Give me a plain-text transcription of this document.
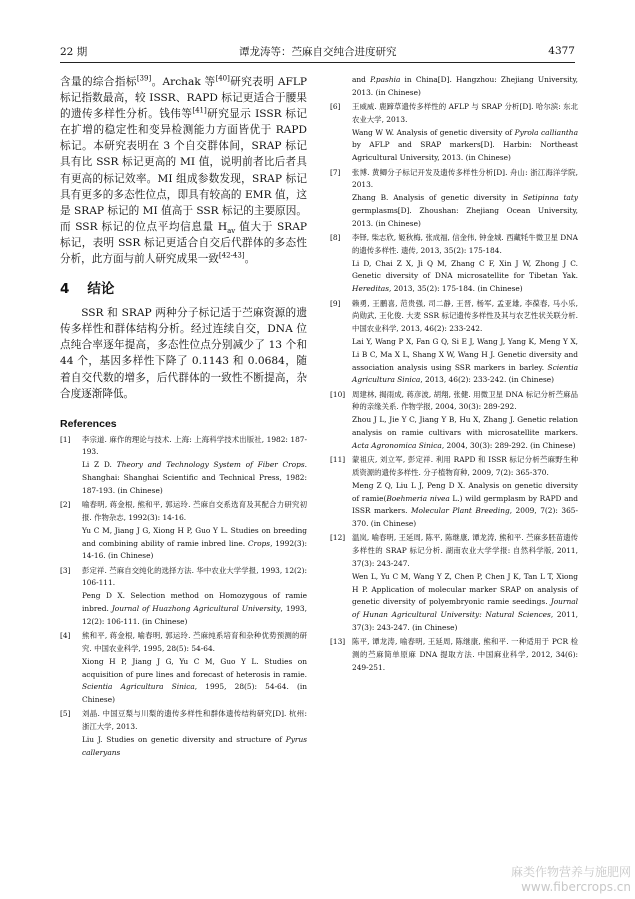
22 期	谭龙涛等：苎麻自交纯合进度研究	4377

含量的综合指标[39]。Archak 等[40]研究表明 AFLP 标记指数最高，较 ISSR、RAPD 标记更适合于腰果的遗传多样性分析。钱伟等[41]研究显示 ISSR 标记在扩增的稳定性和变异检测能力方面皆优于 RAPD 标记。本研究表明在 3 个自交群体间，SRAP 标记具有比 SSR 标记更高的 MI 值，说明前者比后者具有更高的标记效率。MI 组成参数发现，SRAP 标记具有更多的多态性位点，即具有较高的 EMR 值，这是 SRAP 标记的 MI 值高于 SSR 标记的主要原因。而 SSR 标记的位点平均信息量 $H_{av}$ 值大于 SRAP 标记，表明 SSR 标记更适合自交后代群体的多态性分析，此方面与前人研究成果一致[42-43]。

4 结论

SSR 和 SRAP 两种分子标记适于苎麻资源的遗传多样性和群体结构分析。经过连续自交，DNA 位点纯合率逐年提高，多态性位点分别减少了 13 个和 44 个，基因多样性下降了 0.1143 和 0.0684，随着自交代数的增多，后代群体的一致性不断提高，杂合度逐渐降低。

References
[1]	李宗道. 麻作的理论与技术. 上海: 上海科学技术出版社, 1982: 187-193.
Li Z D. Theory and Technology System of Fiber Crops. Shanghai: Shanghai Scientific and Technical Press, 1982: 187-193. (in Chinese)
[2]	喻春明, 蒋金根, 熊和平, 郭运玲. 苎麻自交系选育及其配合力研究初报. 作物杂志, 1992(3): 14-16.
Yu C M, Jiang J G, Xiong H P, Guo Y L. Studies on breeding and combining ability of ramie inbred line. Crops, 1992(3): 14-16. (in Chinese)
[3]	彭定祥. 苎麻自交纯化的选择方法. 华中农业大学学报, 1993, 12(2): 106-111.
Peng D X. Selection method on Homozygous of ramie inbred. Journal of Huazhong Agricultural University, 1993, 12(2): 106-111. (in Chinese)
[4]	熊和平, 蒋金根, 喻春明, 郭运玲. 苎麻纯系培育和杂种优势预测的研究. 中国农业科学, 1995, 28(5): 54-64.
Xiong H P, Jiang J G, Yu C M, Guo Y L. Studies on acquisition of pure lines and forecast of heterosis in ramie. Scientia Agricultura Sinica, 1995, 28(5): 54-64. (in Chinese)
[5]	刘晶. 中国豆梨与川梨的遗传多样性和群体遗传结构研究[D]. 杭州: 浙江大学, 2013.
Liu J. Studies on genetic diversity and structure of Pyrus calleryans
and P.pashia in China[D]. Hangzhou: Zhejiang University, 2013. (in Chinese)
[6]	王威威. 鹿蹄草遗传多样性的 AFLP 与 SRAP 分析[D]. 哈尔滨: 东北农业大学, 2013.
Wang W W. Analysis of genetic diversity of Pyrola calliantha by AFLP and SRAP markers[D]. Harbin: Northeast Agricultural University, 2013. (in Chinese)
[7]	张博. 黄鲫分子标记开发及遗传多样性分析[D]. 舟山: 浙江海洋学院, 2013.
Zhang B. Analysis of genetic diversity in Setipinna taty germplasms[D]. Zhoushan: Zhejiang Ocean University, 2013. (in Chinese)
[8]	李铎, 柴志欣, 姬秋梅, 张成福, 信金伟, 钟金城. 西藏牦牛微卫星 DNA 的遗传多样性. 遗传, 2013, 35(2): 175-184.
Li D, Chai Z X, Ji Q M, Zhang C F, Xin J W, Zhong J C. Genetic diversity of DNA microsatellite for Tibetan Yak. Hereditas, 2013, 35(2): 175-184. (in Chinese)
[9]	赖勇, 王鹏喜, 范贵强, 司二静, 王晋, 杨军, 孟亚雄, 李葆春, 马小乐, 尚勋武, 王化俊. 大麦 SSR 标记遗传多样性及其与农艺性状关联分析. 中国农业科学, 2013, 46(2): 233-242.
Lai Y, Wang P X, Fan G Q, Si E J, Wang J, Yang K, Meng Y X, Li B C, Ma X L, Shang X W, Wang H J. Genetic diversity and association analysis using SSR markers in barley. Scientia Agricultura Sinica, 2013, 46(2): 233-242. (in Chinese)
[10] 周建林, 揭雨成, 蒋彦波, 胡翔, 张健. 用微卫星 DNA 标记分析苎麻品种的亲缘关系. 作物学报, 2004, 30(3): 289-292.
Zhou J L, Jie Y C, Jiang Y B, Hu X, Zhang J. Genetic relation analysis on ramie cultivars with microsatellite markers. Acta Agronomica Sinica, 2004, 30(3): 289-292. (in Chinese)
[11] 蒙祖庆, 刘立军, 彭定祥. 利用 RAPD 和 ISSR 标记分析苎麻野生种质资源的遗传多样性. 分子植物育种, 2009, 7(2): 365-370.
Meng Z Q, Liu L J, Peng D X. Analysis on genetic diversity of ramie(Boehmeria nivea L.) wild germplasm by RAPD and ISSR markers. Molecular Plant Breeding, 2009, 7(2): 365-370. (in Chinese)
[12] 温岚, 喻春明, 王延周, 陈平, 陈继康, 谭龙涛, 熊和平. 苎麻多胚苗遗传多样性的 SRAP 标记分析. 湖南农业大学学报: 自然科学版, 2011, 37(3): 243-247.
Wen L, Yu C M, Wang Y Z, Chen P, Chen J K, Tan L T, Xiong H P. Application of molecular marker SRAP on analysis of genetic diversity of polyembryonic ramie seedings. Journal of Hunan Agricultural University: Natural Sciences, 2011, 37(3): 243-247. (in Chinese)
[13] 陈平, 谭龙涛, 喻春明, 王延周, 陈继康, 熊和平. 一种适用于 PCR 检测的苎麻简单原麻 DNA 提取方法. 中国麻业科学, 2012, 34(6): 249-251.
麻类作物营养与施肥网
www.fibercrops.cn
